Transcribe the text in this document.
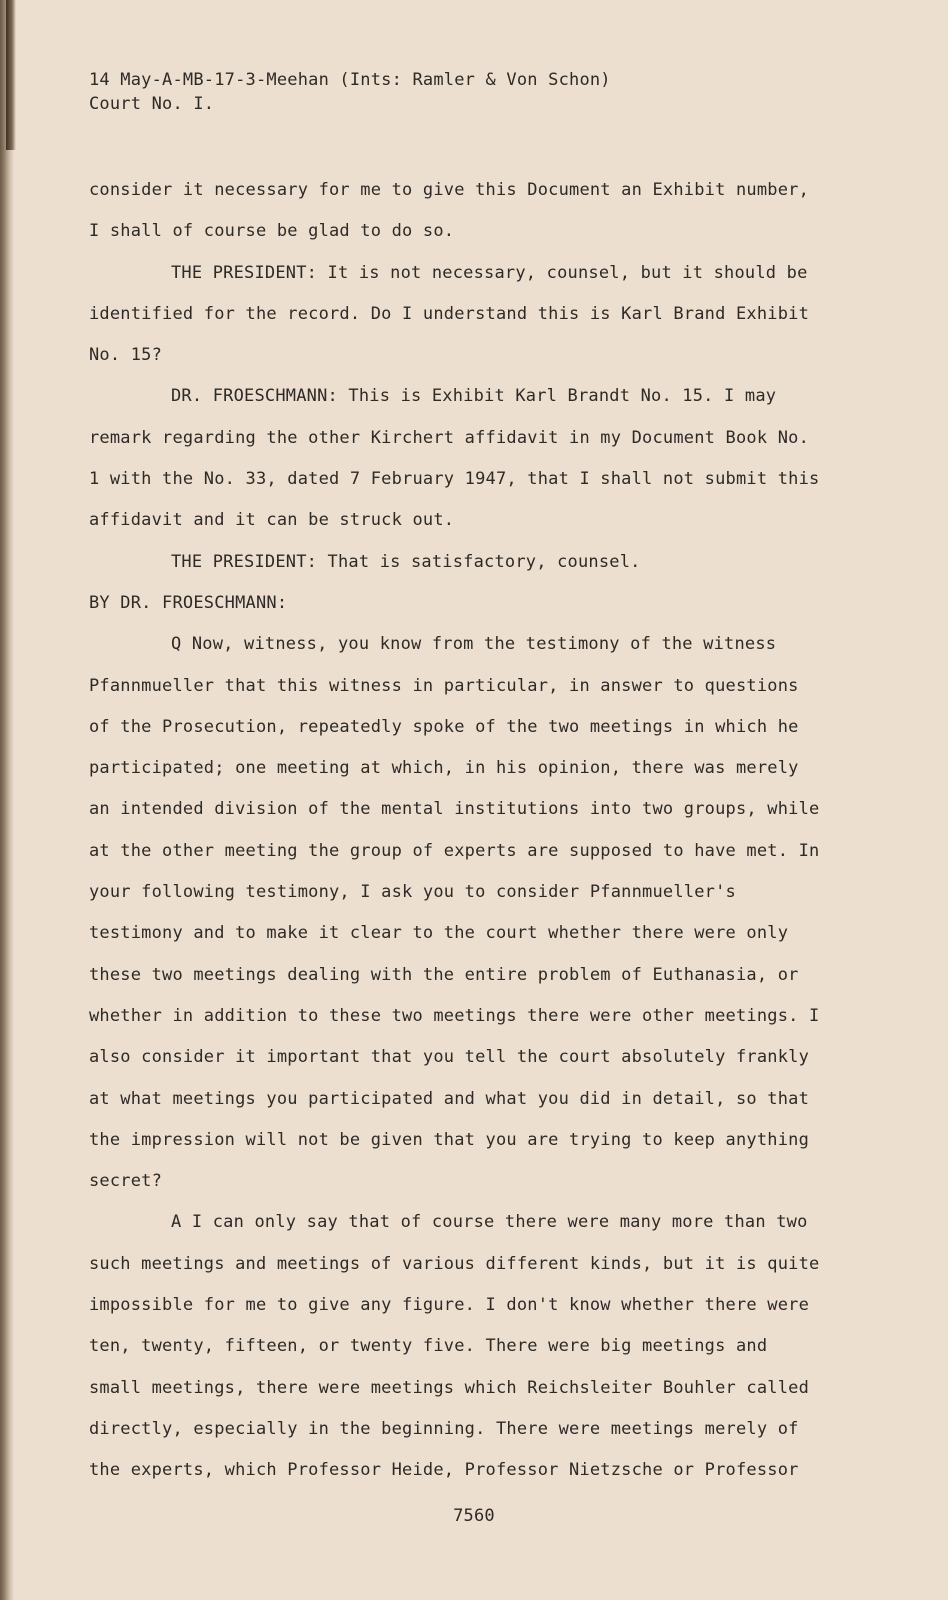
14 May-A-MB-17-3-Meehan (Ints: Ramler & Von Schon)
Court No. I.

consider it necessary for me to give this Document an Exhibit number, I shall of course be glad to do so.

THE PRESIDENT: It is not necessary, counsel, but it should be identified for the record. Do I understand this is Karl Brand Exhibit No. 15?

DR. FROESCHMANN: This is Exhibit Karl Brandt No. 15. I may remark regarding the other Kirchert affidavit in my Document Book No. 1 with the No. 33, dated 7 February 1947, that I shall not submit this affidavit and it can be struck out.

THE PRESIDENT: That is satisfactory, counsel.

BY DR. FROESCHMANN:

Q Now, witness, you know from the testimony of the witness Pfannmueller that this witness in particular, in answer to questions of the Prosecution, repeatedly spoke of the two meetings in which he participated; one meeting at which, in his opinion, there was merely an intended division of the mental institutions into two groups, while at the other meeting the group of experts are supposed to have met. In your following testimony, I ask you to consider Pfannmueller's testimony and to make it clear to the court whether there were only these two meetings dealing with the entire problem of Euthanasia, or whether in addition to these two meetings there were other meetings. I also consider it important that you tell the court absolutely frankly at what meetings you participated and what you did in detail, so that the impression will not be given that you are trying to keep anything secret?

A I can only say that of course there were many more than two such meetings and meetings of various different kinds, but it is quite impossible for me to give any figure. I don't know whether there were ten, twenty, fifteen, or twenty five. There were big meetings and small meetings, there were meetings which Reichsleiter Bouhler called directly, especially in the beginning. There were meetings merely of the experts, which Professor Heide, Professor Nietzsche or Professor

7560
